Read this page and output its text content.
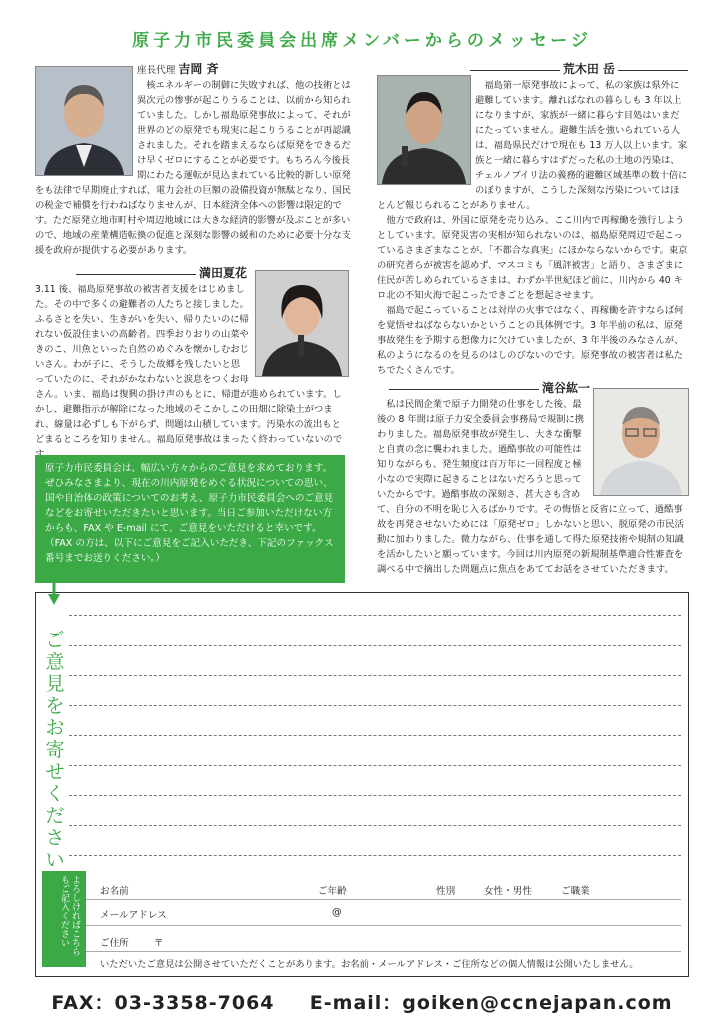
原子力市民委員会出席メンバーからのメッセージ
座長代理 吉岡 斉

核エネルギーの制御に失敗すれば、他の技術とは異次元の惨事が起こりうることは、以前から知られていました。しかし福島原発事故によって、それが世界のどの原発でも現実に起こりうることが再認識されました。それを踏まえるならば原発をできるだけ早くゼロにすることが必要です。もちろん今後長期にわたる運転が見込まれている比較的新しい原発をも法律で早期廃止すれば、電力会社の巨額の設備投資が無駄となり、国民の税金で補償を行わねばなりませんが、日本経済全体への影響は限定的です。ただ原発立地市町村や周辺地域には大きな経済的影響が及ぶことが多いので、地域の産業構造転換の促進と深刻な影響の緩和のために必要十分な支援を政府が提供する必要があります。

満田夏花

3.11 後、福島原発事故の被害者支援をはじめました。その中で多くの避難者の人たちと接しました。ふるさとを失い、生きがいを失い、帰りたいのに帰れない仮設住まいの高齢者。四季おりおりの山菜やきのこ、川魚といった自然のめぐみを懐かしむおじいさん。わが子に、そうした故郷を残したいと思っていたのに、それがかなわないと涙息をつくお母さん。いま、福島は復興の掛け声のもとに、帰還が進められています。しかし、避難指示が解除になった地域のそこかしこの田畑に除染土がつまれ、線量は必ずしも下がらず、問題は山積しています。汚染水の流出もとどまるところを知りません。福島原発事故はまったく終わっていないので

荒木田 岳

福島第一原発事故によって、私の家族は県外に避難しています。離ればなれの暮らしも 3 年以上になりますが、家族が一緒に暮らす目処はいまだにたっていません。避難生活を強いられている人は、福島県民だけで現在も 13 万人以上います。家族と一緒に暮らすはずだった私の土地の汚染は、チェルノブイリ法の義務的避難区域基準の数十倍にのぼりますが、こうした深刻な汚染についてはほとんど報じられることがありません。

他方で政府は、外国に原発を売り込み、ここ川内で再稼働を強行しようとしています。原発災害の実相が知られないのは、福島原発周辺で起こっているさまざまなことが、「不都合な真実」にほかならないからです。東京の研究者らが被害を認めず、マスコミも「風評被害」と語り、さまざまに住民が苦しめられているさまは、わずか半世紀ほど前に、川内から 40 キロ北の不知火海で起こったできごとを想起させます。

福島で起こっていることは対岸の火事ではなく、再稼働を許すならば何を覚悟せねばならないかということの具体例です。3 年半前の私は、原発事故発生を予期する想像力に欠けていましたが、3 年半後のみなさんが、私のようになるのを見るのはしのびないのです。原発事故の被害者は私たちでたくさんです。

滝谷紘一

私は民間企業で原子力開発の仕事をした後、最後の 8 年間は原子力安全委員会事務局で規制に携わりました。福島原発事故が発生し、大きな衝撃と自責の念に襲われました。過酷事故の可能性は知りながらも、発生頻度は百万年に一回程度と極小なので実際に起きることはないだろうと思っていたからです。過酷事故の深刻さ、甚大さも含めて、自分の不明を恥じ入るばかりです。その悔悟と反省に立って、過酷事故を再発させないためには「原発ゼロ」しかないと思い、脱原発の市民活動に加わりました。微力ながら、仕事を通して得た原発技術や規制の知識を活かしたいと願っています。今回は川内原発の新規制基準適合性審査を調べる中で摘出した問題点に焦点をあててお話をさせていただきます。

原子力市民委員会は、幅広い方々からのご意見を求めております。ぜひみなさまより、現在の川内原発をめぐる状況についての思い、国や自治体の政策についてのお考え、原子力市民委員会へのご意見などをお寄せいただきたいと思います。当日ご参加いただけない方からも、FAX や E-mail にて、ご意見をいただけると幸いです。
（FAX の方は、以下にご意見をご記入いただき、下記のファックス番号までお送りください。）
ご意見をお寄せください
よろしければこちらもご記入ください	お名前	ご年齢	性別	女性・男性	ご職業
メールアドレス	@
ご住所	〒
いただいたご意見は公開させていただくことがあります。お名前・メールアドレス・ご住所などの個人情報は公開いたしません。
FAX：03-3358-7064 E-mail：goiken@ccnejapan.com
